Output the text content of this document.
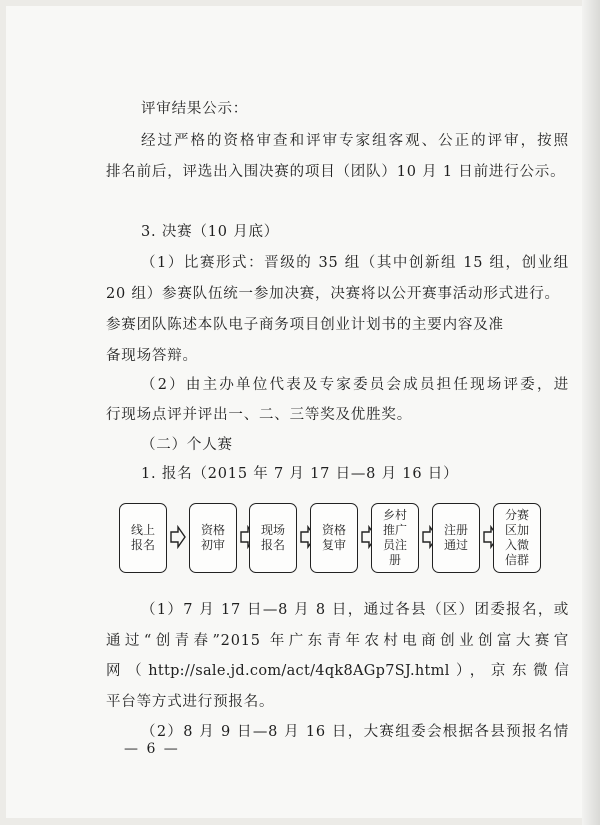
评审结果公示：
经过严格的资格审查和评审专家组客观、公正的评审，按照
排名前后，评选出入围决赛的项目（团队）10 月 1 日前进行公示。
3. 决赛（10 月底）
（1）比赛形式：晋级的 35 组（其中创新组 15 组，创业组
20 组）参赛队伍统一参加决赛，决赛将以公开赛事活动形式进行。
参赛团队陈述本队电子商务项目创业计划书的主要内容及准
备现场答辩。
（2）由主办单位代表及专家委员会成员担任现场评委，进
行现场点评并评出一、二、三等奖及优胜奖。
（二）个人赛
1. 报名（2015 年 7 月 17 日—8 月 16 日）
线上
报名
资格
初审
现场
报名
资格
复审
乡村
推广
员注
册
注册
通过
分赛
区加
入微
信群
（1）7 月 17 日—8 月 8 日，通过各县（区）团委报名，或
通过“创青春”2015 年广东青年农村电商创业创富大赛官
网（http://sale.jd.com/act/4qk8AGp7SJ.html），京东微信
平台等方式进行预报名。
（2）8 月 9 日—8 月 16 日，大赛组委会根据各县预报名情
— 6 —
